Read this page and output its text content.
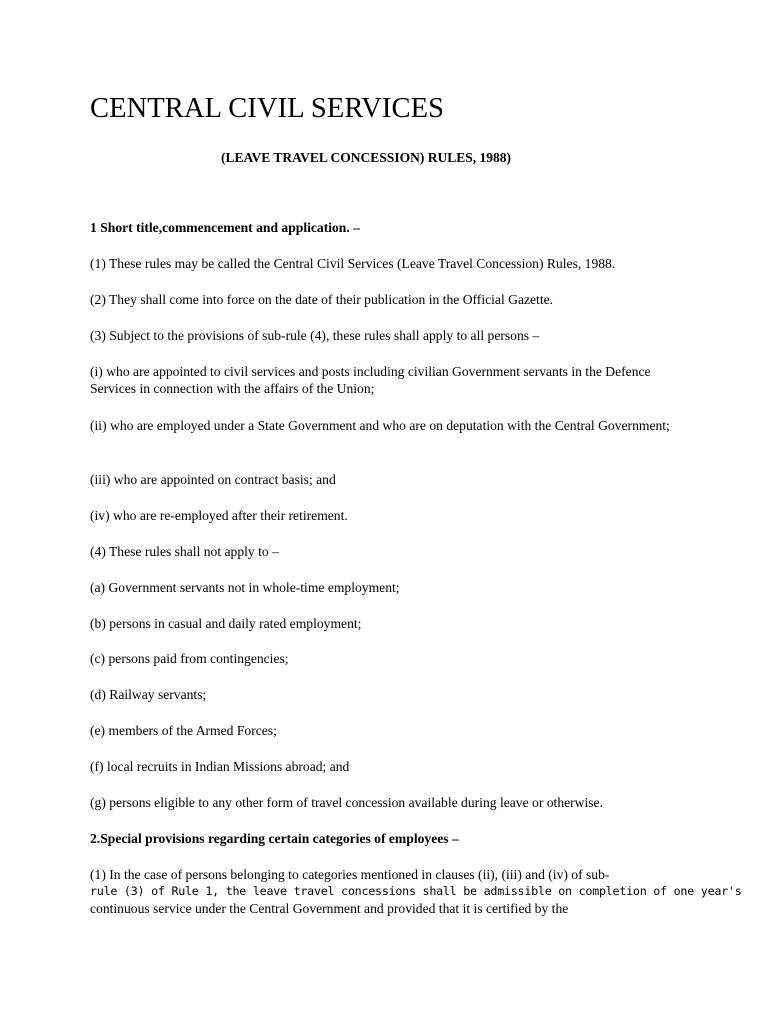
CENTRAL CIVIL SERVICES
(LEAVE TRAVEL CONCESSION) RULES, 1988)

1 Short title,commencement and application. –

(1) These rules may be called the Central Civil Services (Leave Travel Concession) Rules, 1988.

(2) They shall come into force on the date of their publication in the Official Gazette.

(3) Subject to the provisions of sub-rule (4), these rules shall apply to all persons –

(i) who are appointed to civil services and posts including civilian Government servants in the Defence Services in connection with the affairs of the Union;

(ii) who are employed under a State Government and who are on deputation with the Central Government;

(iii) who are appointed on contract basis; and

(iv) who are re-employed after their retirement.

(4) These rules shall not apply to –

(a) Government servants not in whole-time employment;

(b) persons in casual and daily rated employment;

(c) persons paid from contingencies;

(d) Railway servants;

(e) members of the Armed Forces;

(f) local recruits in Indian Missions abroad; and

(g) persons eligible to any other form of travel concession available during leave or otherwise.

2.Special provisions regarding certain categories of employees –

(1) In the case of persons belonging to categories mentioned in clauses (ii), (iii) and (iv) of sub-
rule (3) of Rule 1, the leave travel concessions shall be admissible on completion of one year's
continuous service under the Central Government and provided that it is certified by the
